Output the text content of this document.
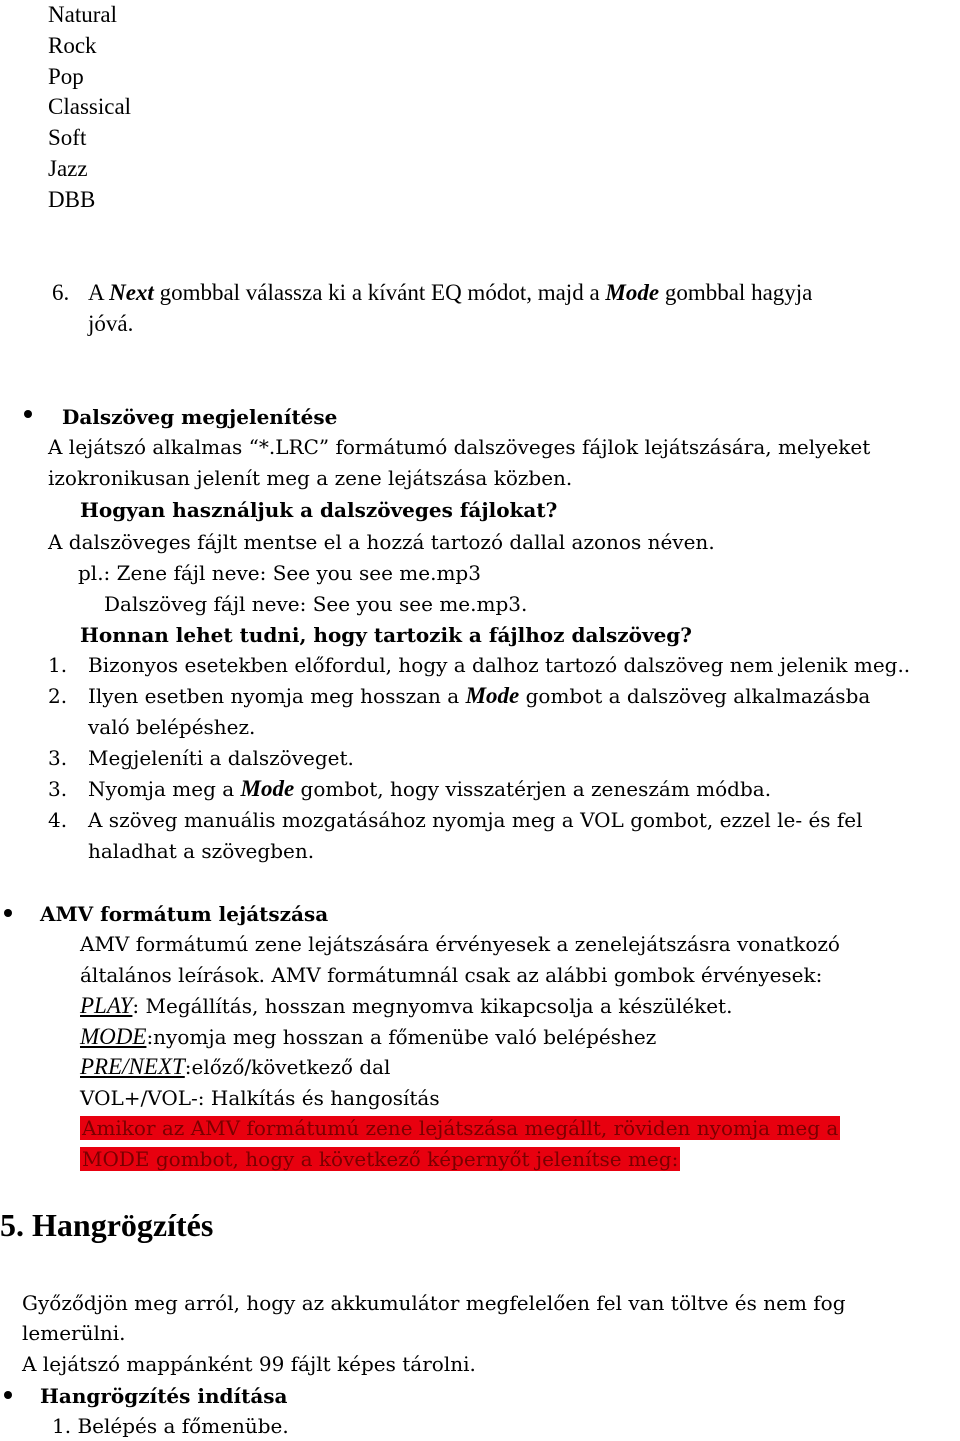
Natural
Rock
Pop
Classical
Soft
Jazz
DBB
6. A Next gombbal válassza ki a kívánt EQ módot, majd a Mode gombbal hagyja
jóvá.
Dalszöveg megjelenítése
A lejátszó alkalmas “*.LRC” formátumó dalszöveges fájlok lejátszására, melyeket
izokronikusan jelenít meg a zene lejátszása közben.
Hogyan használjuk a dalszöveges fájlokat?
A dalszöveges fájlt mentse el a hozzá tartozó dallal azonos néven.
pl.: Zene fájl neve: See you see me.mp3
Dalszöveg fájl neve: See you see me.mp3.
Honnan lehet tudni, hogy tartozik a fájlhoz dalszöveg?
1. Bizonyos esetekben előfordul, hogy a dalhoz tartozó dalszöveg nem jelenik meg..
2. Ilyen esetben nyomja meg hosszan a Mode gombot a dalszöveg alkalmazásba
való belépéshez.
3. Megjeleníti a dalszöveget.
3. Nyomja meg a Mode gombot, hogy visszatérjen a zeneszám módba.
4. A szöveg manuális mozgatásához nyomja meg a VOL gombot, ezzel le- és fel
haladhat a szövegben.
AMV formátum lejátszása
AMV formátumú zene lejátszására érvényesek a zenelejátszásra vonatkozó
általános leírások. AMV formátumnál csak az alábbi gombok érvényesek:
PLAY: Megállítás, hosszan megnyomva kikapcsolja a készüléket.
MODE:nyomja meg hosszan a főmenübe való belépéshez
PRE/NEXT:előző/következő dal
VOL+/VOL-: Halkítás és hangosítás
Amikor az AMV formátumú zene lejátszása megállt, röviden nyomja meg a
MODE gombot, hogy a következő képernyőt jelenítse meg:
5. Hangrögzítés
Győződjön meg arról, hogy az akkumulátor megfelelően fel van töltve és nem fog
lemerülni.
A lejátszó mappánként 99 fájlt képes tárolni.
Hangrögzítés indítása
1. Belépés a főmenübe.
